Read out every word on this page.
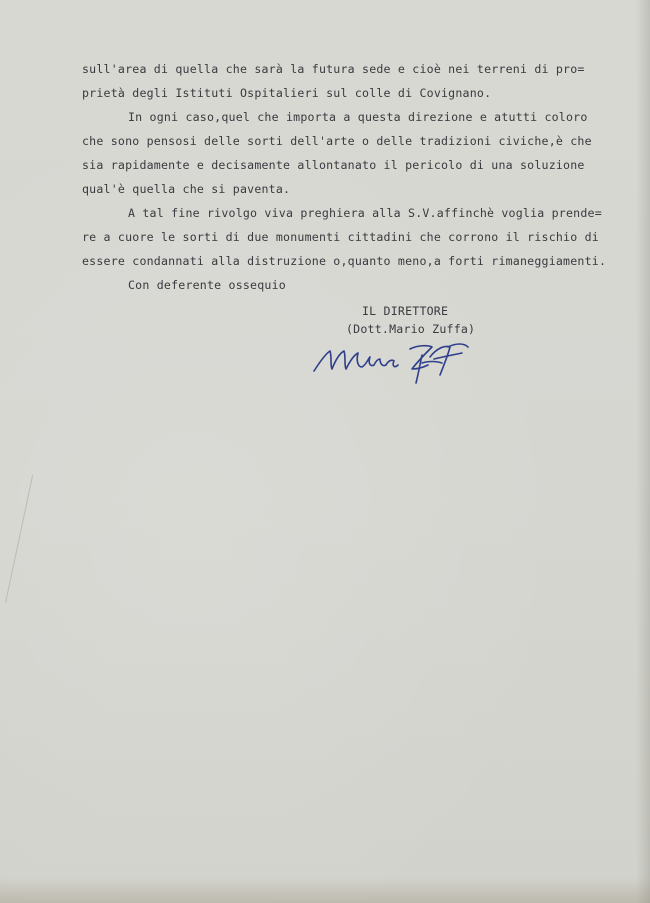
sull'area di quella che sarà la futura sede e cioè nei terreni di pro=
prietà degli Istituti Ospitalieri sul colle di Covignano.
In ogni caso,quel che importa a questa direzione e atutti coloro
che sono pensosi delle sorti dell'arte o delle tradizioni civiche,è che
sia rapidamente e decisamente allontanato il pericolo di una soluzione
qual'è quella che si paventa.
A tal fine rivolgo viva preghiera alla S.V.affinchè voglia prende=
re a cuore le sorti di due monumenti cittadini che corrono il rischio di
essere condannati alla distruzione o,quanto meno,a forti rimaneggiamenti.
Con deferente ossequio
IL DIRETTORE
(Dott.Mario Zuffa)
